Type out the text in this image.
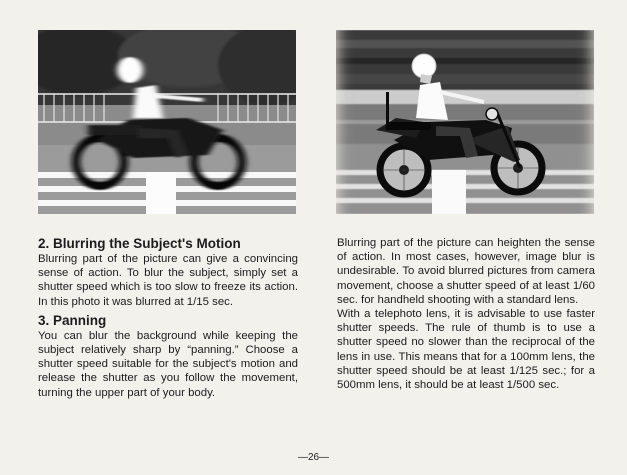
2. Blurring the Subject's Motion

Blurring part of the picture can give a convincing sense of action. To blur the subject, simply set a shutter speed which is too slow to freeze its action. In this photo it was blurred at 1/15 sec.

3. Panning

You can blur the background while keeping the subject relatively sharp by “panning.” Choose a shutter speed suitable for the subject's motion and release the shutter as you follow the movement, turning the upper part of your body.

Blurring part of the picture can heighten the sense of action. In most cases, however, image blur is undesirable. To avoid blurred pictures from camera movement, choose a shutter speed of at least 1/60 sec. for handheld shooting with a standard lens.

With a telephoto lens, it is advisable to use faster shutter speeds. The rule of thumb is to use a shutter speed no slower than the reciprocal of the lens in use. This means that for a 100mm lens, the shutter speed should be at least 1/125 sec.; for a 500mm lens, it should be at least 1/500 sec.

—26—
